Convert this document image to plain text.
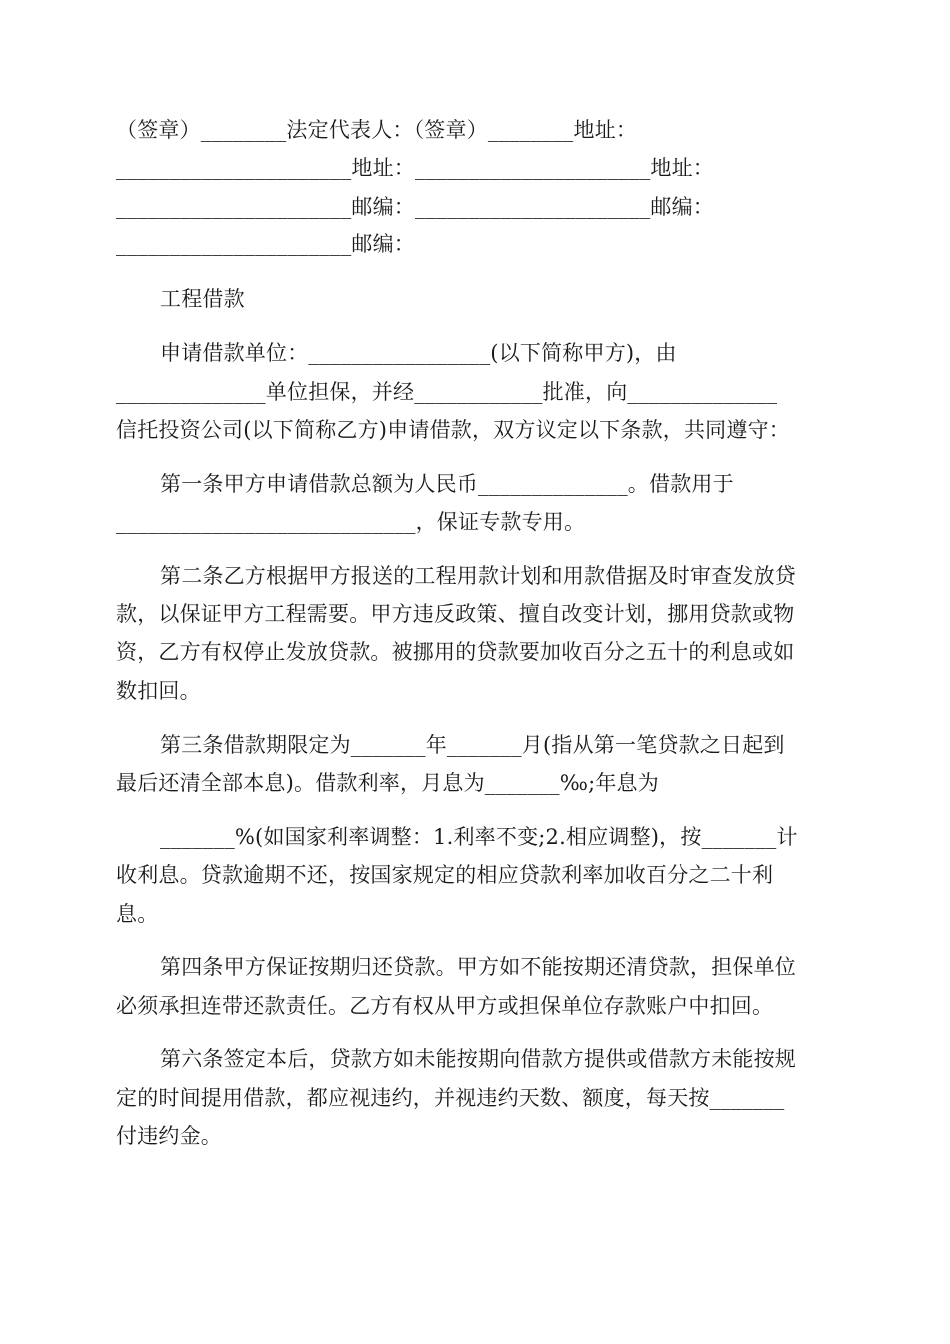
（签章）________法定代表人：（签章）________地址：
______________________地址：______________________地址：
______________________邮编：______________________邮编：
______________________邮编：
工程借款
申请借款单位：_________________(以下简称甲方)，由
______________单位担保，并经____________批准，向______________
信托投资公司(以下简称乙方)申请借款，双方议定以下条款，共同遵守：
第一条甲方申请借款总额为人民币______________。借款用于
____________________________，保证专款专用。
第二条乙方根据甲方报送的工程用款计划和用款借据及时审查发放贷
款，以保证甲方工程需要。甲方违反政策、擅自改变计划，挪用贷款或物
资，乙方有权停止发放贷款。被挪用的贷款要加收百分之五十的利息或如
数扣回。
第三条借款期限定为_______年_______月(指从第一笔贷款之日起到
最后还清全部本息)。借款利率，月息为_______‰;年息为
_______%(如国家利率调整：1.利率不变;2.相应调整)，按_______计
收利息。贷款逾期不还，按国家规定的相应贷款利率加收百分之二十利
息。
第四条甲方保证按期归还贷款。甲方如不能按期还清贷款，担保单位
必须承担连带还款责任。乙方有权从甲方或担保单位存款账户中扣回。
第六条签定本后，贷款方如未能按期向借款方提供或借款方未能按规
定的时间提用借款，都应视违约，并视违约天数、额度，每天按_______
付违约金。
